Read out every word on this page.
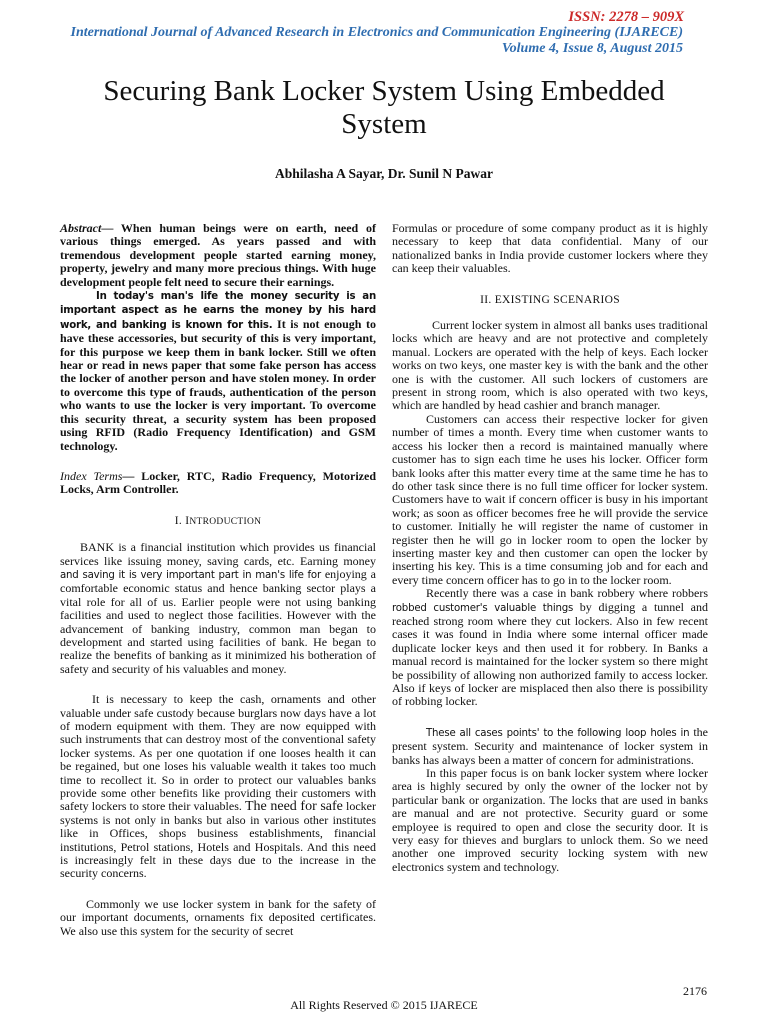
ISSN: 2278 – 909X
International Journal of Advanced Research in Electronics and Communication Engineering (IJARECE)
Volume 4, Issue 8, August 2015
Securing Bank Locker System Using Embedded System
Abhilasha A Sayar, Dr. Sunil N Pawar

Abstract— When human beings were on earth, need of various things emerged. As years passed and with tremendous development people started earning money, property, jewelry and many more precious things. With huge development people felt need to secure their earnings.

In today's man's life the money security is an important aspect as he earns the money by his hard work, and banking is known for this. It is not enough to have these accessories, but security of this is very important, for this purpose we keep them in bank locker. Still we often hear or read in news paper that some fake person has access the locker of another person and have stolen money. In order to overcome this type of frauds, authentication of the person who wants to use the locker is very important. To overcome this security threat, a security system has been proposed using RFID (Radio Frequency Identification) and GSM technology.

Index Terms— Locker, RTC, Radio Frequency, Motorized Locks, Arm Controller.

I. INTRODUCTION

BANK is a financial institution which provides us financial services like issuing money, saving cards, etc. Earning money and saving it is very important part in man's life for enjoying a comfortable economic status and hence banking sector plays a vital role for all of us. Earlier people were not using banking facilities and used to neglect those facilities. However with the advancement of banking industry, common man began to development and started using facilities of bank. He began to realize the benefits of banking as it minimized his botheration of safety and security of his valuables and money.

It is necessary to keep the cash, ornaments and other valuable under safe custody because burglars now days have a lot of modern equipment with them. They are now equipped with such instruments that can destroy most of the conventional safety locker systems. As per one quotation if one looses health it can be regained, but one loses his valuable wealth it takes too much time to recollect it. So in order to protect our valuables banks provide some other benefits like providing their customers with safety lockers to store their valuables. The need for safe locker systems is not only in banks but also in various other institutes like in Offices, shops business establishments, financial institutions, Petrol stations, Hotels and Hospitals. And this need is increasingly felt in these days due to the increase in the security concerns.

Commonly we use locker system in bank for the safety of our important documents, ornaments fix deposited certificates. We also use this system for the security of secret

Formulas or procedure of some company product as it is highly necessary to keep that data confidential. Many of our nationalized banks in India provide customer lockers where they can keep their valuables.

II. EXISTING SCENARIOS

Current locker system in almost all banks uses traditional locks which are heavy and are not protective and completely manual. Lockers are operated with the help of keys. Each locker works on two keys, one master key is with the bank and the other one is with the customer. All such lockers of customers are present in strong room, which is also operated with two keys, which are handled by head cashier and branch manager.

Customers can access their respective locker for given number of times a month. Every time when customer wants to access his locker then a record is maintained manually where customer has to sign each time he uses his locker. Officer form bank looks after this matter every time at the same time he has to do other task since there is no full time officer for locker system. Customers have to wait if concern officer is busy in his important work; as soon as officer becomes free he will provide the service to customer. Initially he will register the name of customer in register then he will go in locker room to open the locker by inserting master key and then customer can open the locker by inserting his key. This is a time consuming job and for each and every time concern officer has to go in to the locker room.

Recently there was a case in bank robbery where robbers robbed customer's valuable things by digging a tunnel and reached strong room where they cut lockers. Also in few recent cases it was found in India where some internal officer made duplicate locker keys and then used it for robbery. In Banks a manual record is maintained for the locker system so there might be possibility of allowing non authorized family to access locker. Also if keys of locker are misplaced then also there is possibility of robbing locker.

These all cases points' to the following loop holes in the present system. Security and maintenance of locker system in banks has always been a matter of concern for administrations.

In this paper focus is on bank locker system where locker area is highly secured by only the owner of the locker not by particular bank or organization. The locks that are used in banks are manual and are not protective. Security guard or some employee is required to open and close the security door. It is very easy for thieves and burglars to unlock them. So we need another one improved security locking system with new electronics system and technology.

2176
All Rights Reserved © 2015 IJARECE
